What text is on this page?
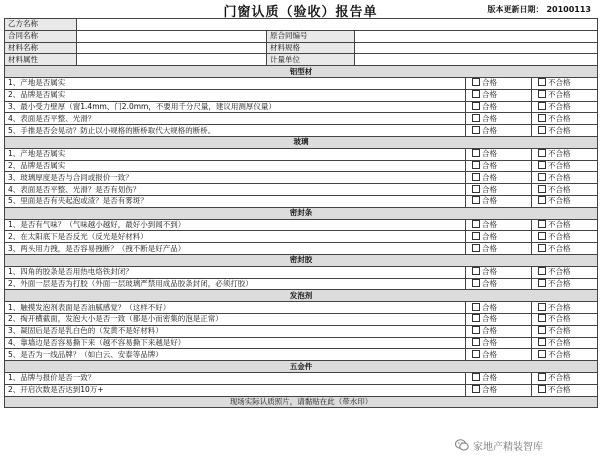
门窗认质（验收）报告单	版本更新日期： 20100113
乙方名称					
合同名称		原合同编号			
材料名称		材料规格			
材料属性		计量单位			
铝型材					
1、产地是否属实				合格	不合格
2、品牌是否属实				合格	不合格
3、最小受力壁厚（窗1.4mm、门2.0mm，不要用千分尺量，建议用测厚仪量）				合格	不合格
4、表面是否平整、光滑？				合格	不合格
5、手推是否会晃动？防止以小规格的断桥取代大规格的断桥。				合格	不合格
玻璃					
1、产地是否属实				合格	不合格
2、品牌是否属实				合格	不合格
3、玻璃厚度是否与合同或报价一致？				合格	不合格
4、表面是否平整、光滑？是否有划伤？				合格	不合格
5、里面是否有夹起泡或渣？是否有雾斑？				合格	不合格
密封条					
1、是否有气味？（气味越小越好，最好小到闻不到）				合格	不合格
2、在太阳底下是否反光（反光是好材料）				合格	不合格
3、两头用力拽，是否容易拽断？（拽不断是好产品）				合格	不合格
密封胶					
1、四角的胶条是否用热电烙铁封闭？				合格	不合格
2、外面一层是否为打胶（外面一层玻璃严禁用成品胶条封闭，必须打胶）				合格	不合格
发泡剂					
1、触摸发泡剂表面是否油腻感觉？（这样不好）				合格	不合格
2、掏开横截面，发泡大小是否一致（都是小而密集的泡是正常）				合格	不合格
3、凝固后是否是乳白色的（发黄不是好材料）				合格	不合格
4、靠墙边是否容易撕下来（越不容易撕下来越是好）				合格	不合格
5、是否为一线品牌？（如白云、安泰等品牌）				合格	不合格
五金件					
1、品牌与报价是否一致？				合格	不合格
2、开启次数是否达到10万+				合格	不合格
现场实际认质照片，请黏贴在此（带水印）					
家地产精装智库
